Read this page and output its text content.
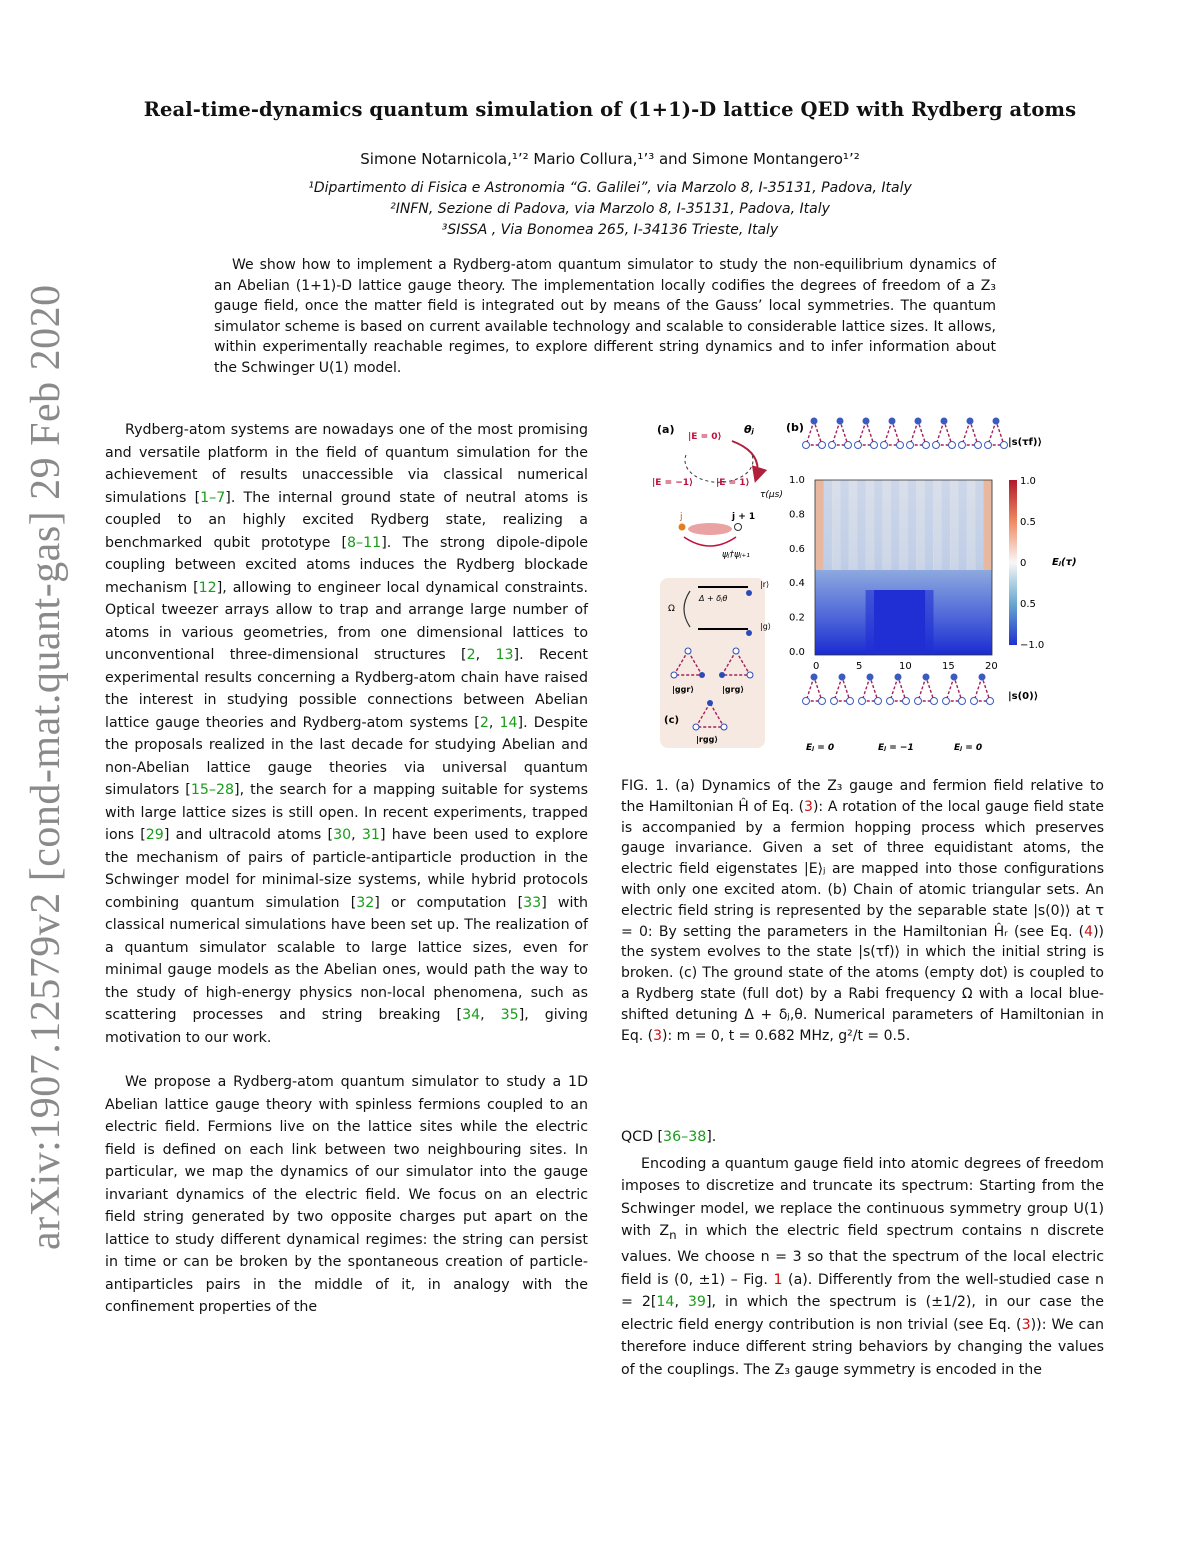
arXiv:1907.12579v2 [cond-mat.quant-gas] 29 Feb 2020
Real-time-dynamics quantum simulation of (1+1)-D lattice QED with Rydberg atoms
Simone Notarnicola,¹ʼ² Mario Collura,¹ʼ³ and Simone Montangero¹ʼ²
¹Dipartimento di Fisica e Astronomia “G. Galilei”, via Marzolo 8, I-35131, Padova, Italy
²INFN, Sezione di Padova, via Marzolo 8, I-35131, Padova, Italy
³SISSA , Via Bonomea 265, I-34136 Trieste, Italy
We show how to implement a Rydberg-atom quantum simulator to study the non-equilibrium dynamics of an Abelian (1+1)-D lattice gauge theory. The implementation locally codifies the degrees of freedom of a Z₃ gauge field, once the matter field is integrated out by means of the Gauss’ local symmetries. The quantum simulator scheme is based on current available technology and scalable to considerable lattice sizes. It allows, within experimentally reachable regimes, to explore different string dynamics and to infer information about the Schwinger U(1) model.

Rydberg-atom systems are nowadays one of the most promising and versatile platform in the field of quantum simulation for the achievement of results unaccessible via classical numerical simulations [1–7]. The internal ground state of neutral atoms is coupled to an highly excited Rydberg state, realizing a benchmarked qubit prototype [8–11]. The strong dipole-dipole coupling between excited atoms induces the Rydberg blockade mechanism [12], allowing to engineer local dynamical constraints. Optical tweezer arrays allow to trap and arrange large number of atoms in various geometries, from one dimensional lattices to unconventional three-dimensional structures [2, 13]. Recent experimental results concerning a Rydberg-atom chain have raised the interest in studying possible connections between Abelian lattice gauge theories and Rydberg-atom systems [2, 14]. Despite the proposals realized in the last decade for studying Abelian and non-Abelian lattice gauge theories via universal quantum simulators [15–28], the search for a mapping suitable for systems with large lattice sizes is still open. In recent experiments, trapped ions [29] and ultracold atoms [30, 31] have been used to explore the mechanism of pairs of particle-antiparticle production in the Schwinger model for minimal-size systems, while hybrid protocols combining quantum simulation [32] or computation [33] with classical numerical simulations have been set up. The realization of a quantum simulator scalable to large lattice sizes, even for minimal gauge models as the Abelian ones, would path the way to the study of high-energy physics non-local phenomena, such as scattering processes and string breaking [34, 35], giving motivation to our work.

We propose a Rydberg-atom quantum simulator to study a 1D Abelian lattice gauge theory with spinless fermions coupled to an electric field. Fermions live on the lattice sites while the electric field is defined on each link between two neighbouring sites. In particular, we map the dynamics of our simulator into the gauge invariant dynamics of the electric field. We focus on an electric field string generated by two opposite charges put apart on the lattice to study different dynamical regimes: the string can persist in time or can be broken by the spontaneous creation of particle-antiparticles pairs in the middle of it, in analogy with the confinement properties of the

(a)
|E = 0⟩
|E = −1⟩	|E = 1⟩
θⱼ
τ(μs)
j	j + 1
ψⱼ†ψⱼ₊₁
|r⟩
|g⟩
Δ + δⱼθ
Ω
|ggr⟩	|grg⟩
(c)
|rgg⟩
(b)
|s(τf)⟩
1.0
0.8
0.6
0.4
0.2
0.0
0	5	10	15	20
1.0
0.5
0
0.5
−1.0
Eⱼ(τ)
|s(0)⟩
Eⱼ = 0	Eⱼ = −1	Eⱼ = 0
FIG. 1. (a) Dynamics of the Z₃ gauge and fermion field relative to the Hamiltonian Ĥ of Eq. (3): A rotation of the local gauge field state is accompanied by a fermion hopping process which preserves gauge invariance. Given a set of three equidistant atoms, the electric field eigenstates |E⟩ⱼ are mapped into those configurations with only one excited atom. (b) Chain of atomic triangular sets. An electric field string is represented by the separable state |s(0)⟩ at τ = 0: By setting the parameters in the Hamiltonian Ĥᵣ (see Eq. (4)) the system evolves to the state |s(τf)⟩ in which the initial string is broken. (c) The ground state of the atoms (empty dot) is coupled to a Rydberg state (full dot) by a Rabi frequency Ω with a local blue-shifted detuning Δ + δⱼ,θ. Numerical parameters of Hamiltonian in Eq. (3): m = 0, t = 0.682 MHz, g²/t = 0.5.

QCD [36–38].

Encoding a quantum gauge field into atomic degrees of freedom imposes to discretize and truncate its spectrum: Starting from the Schwinger model, we replace the continuous symmetry group U(1) with $Z_n$ in which the electric field spectrum contains n discrete values. We choose n = 3 so that the spectrum of the local electric field is (0, ±1) – Fig. 1 (a). Differently from the well-studied case n = 2[14, 39], in which the spectrum is (±1/2), in our case the electric field energy contribution is non trivial (see Eq. (3)): We can therefore induce different string behaviors by changing the values of the couplings. The Z₃ gauge symmetry is encoded in the
